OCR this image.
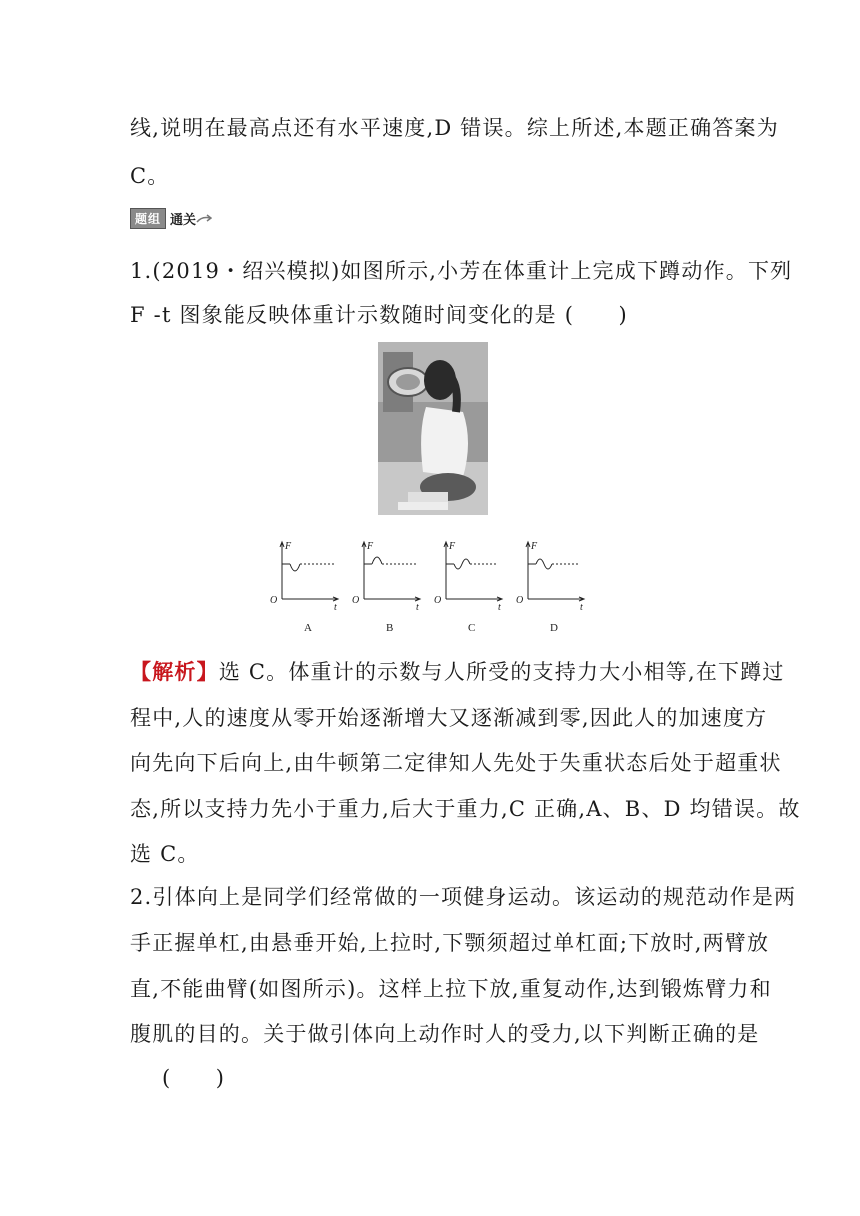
线,说明在最高点还有水平速度,D 错误。综上所述,本题正确答案为
C。
题组 通关
1.(2019・绍兴模拟)如图所示,小芳在体重计上完成下蹲动作。下列
F -t 图象能反映体重计示数随时间变化的是 (　　)
F
O
t
A
F
O
t
B
F
O
t
C
F
O
t
D
【解析】选 C。体重计的示数与人所受的支持力大小相等,在下蹲过
程中,人的速度从零开始逐渐增大又逐渐减到零,因此人的加速度方
向先向下后向上,由牛顿第二定律知人先处于失重状态后处于超重状
态,所以支持力先小于重力,后大于重力,C 正确,A、B、D 均错误。故
选 C。
2.引体向上是同学们经常做的一项健身运动。该运动的规范动作是两
手正握单杠,由悬垂开始,上拉时,下颚须超过单杠面;下放时,两臂放
直,不能曲臂(如图所示)。这样上拉下放,重复动作,达到锻炼臂力和
腹肌的目的。关于做引体向上动作时人的受力,以下判断正确的是
(　　)
